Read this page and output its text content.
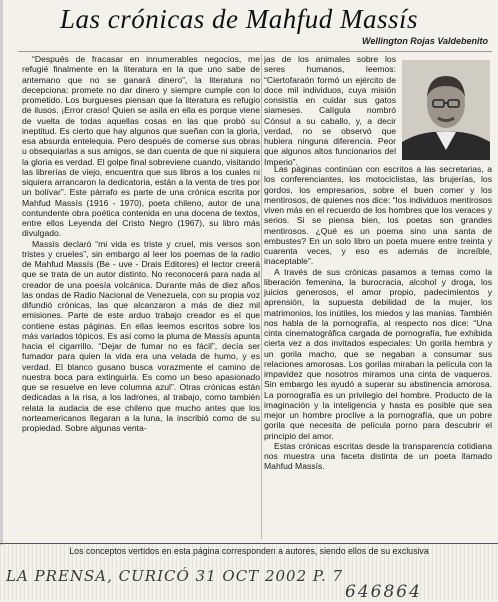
Las crónicas de Mahfud Massís
Wellington Rojas Valdebenito

“Después de fracasar en innumerables negocios, me refugié finalmente en la literatura en la que uno sabe de antemano que no se ganará dinero”, la literatura no decepciona: promete no dar dinero y siempre cumple con lo prometido. Los burgueses piensan que la literatura es refugio de ilusos. ¡Error craso! Quien se asila en ella es porque viene de vuelta de todas aquellas cosas en las que probó su ineptitud. Es cierto que hay algunos que sueñan con la gloria, esa absurda entelequia. Pero después de comerse sus obras u obsequiarlas a sus amigos, se dan cuenta de que ni siquiera la gloria es verdad. El golpe final sobreviene cuando, visitando las librerías de viejo, encuentra que sus libros a los cuales ni siquiera arrancaron la dedicatoria, están a la venta de tres por un bolívar”. Este párrafo es parte de una crónica escrita por Mahfud Massís (1916 - 1970), poeta chileno, autor de una contundente obra poética contenida en una docena de textos, entre ellos Leyenda del Cristo Negro (1967), su libro más divulgado.

Massís declaró “mi vida es triste y cruel, mis versos son tristes y crueles”, sin embargo al leer los poemas de la radio de Mahfud Massís (Be - uve - Drais Editores) el lector creerá que se trata de un autor distinto. No reconocerá para nada al creador de una poesía volcánica. Durante más de diez años las ondas de Radio Nacional de Venezuela, con su propia voz difundió crónicas, las que alcanzaron a más de diez mil emisiones. Parte de este arduo trabajo creador es el que contiene estas páginas. En ellas leemos escritos sobre los más variados tópicos. Es así como la pluma de Massís apunta hacia el cigarrillo. “Dejar de fumar no es fácil”, decía ser fumador para quien la vida era una velada de humo, y es verdad. El blanco gusano busca vorazmente el camino de nuestra boca para extinguirla. Es como un beso apasionado que se resuelve en leve columna azul”. Otras crónicas están dedicadas a la risa, a los ladrones, al trabajo, como también relata la audacia de ese chileno que mucho antes que los norteamericanos llegaran a la luna, la inscribió como de su propiedad. Sobre algunas venta-

jas de los animales sobre los seres humanos, leemos: “Ciertofaraón formó un ejército de doce mil individuos, cuya misión consistía en cuidar sus gatos siameses. Calígula nombró Cónsul a su caballo, y, a decir verdad, no se observó que hubiera ninguna diferencia. Peor que algunos altos funcionarios del Imperio”.

Las páginas continúan con escritos a las secretarias, a los conferenciantes, los motociclistas, las brujerías, los gordos, los empresarios, sobre el buen comer y los mentirosos, de quienes nos dice: “los individuos mentirosos viven más en el recuerdo de los hombres que los veraces y serios. Si se piensa bien, los poetas son grandes mentirosos. ¿Qué es un poema sino una santa de embustes? En un solo libro un poeta muere entre treinta y cuarenta veces, y eso es además de increíble, inaceptable”.

A través de sus crónicas pasamos a temas como la liberación femenina, la burocracia, alcohol y droga, los juicios generosos, el amor propio, padecimientos y aprensión, la supuesta debilidad de la mujer, los matrimonios, los inútiles, los miedos y las manías. También nos habla de la pornografía, al respecto nos dice: “Una cinta cinematográfica cargada de pornografía, fue exhibida cierta vez a dos invitados especiales: Un gorila hembra y un gorila macho, que se negaban a consumar sus relaciones amorosas. Los gorilas miraban la película con la impavidez que nosotros miramos una cinta de vaqueros. Sin embargo les ayudó a superar su abstinencia amorosa. La pornografía es un privilegio del hombre. Producto de la imaginación y la inteligencia y hasta es posible que sea mejor un hombre proclive a la pornografía, que un pobre gorila que necesita de película porno para descubrir el principio del amor.

Estas crónicas escritas desde la transparencia cotidiana nos muestra una faceta distinta de un poeta llamado Mahfud Massís.

Los conceptos vertidos en esta página corresponden a autores, siendo ellos de su exclusiva
LA PRENSA, CURICÓ 31 OCT 2002 P. 7
646864
